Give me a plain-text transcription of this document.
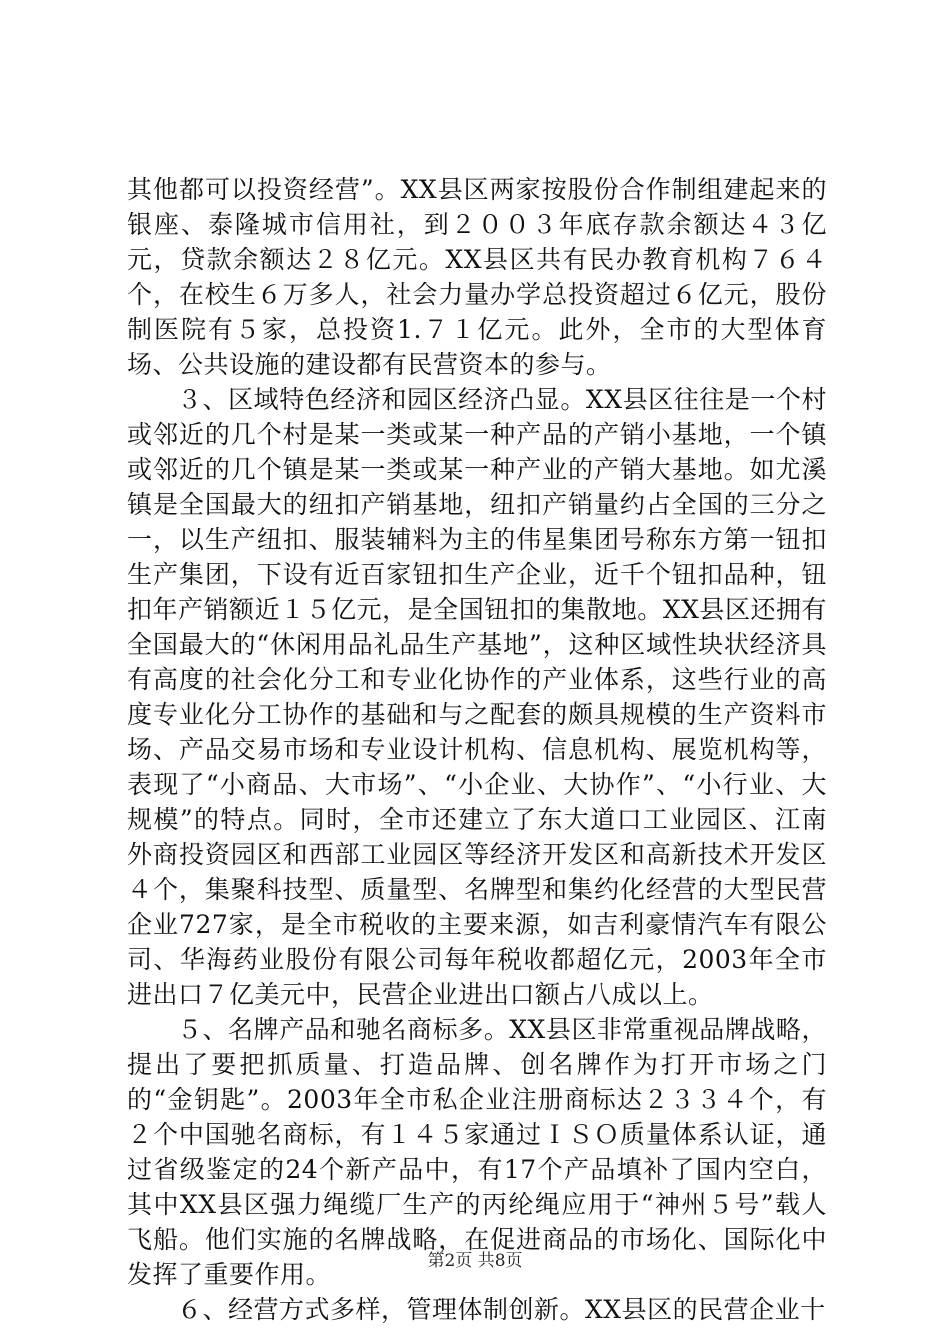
其他都可以投资经营”。XX县区两家按股份合作制组建起来的银座、泰隆城市信用社，到２００３年底存款余额达４３亿元，贷款余额达２８亿元。XX县区共有民办教育机构７６４个，在校生６万多人，社会力量办学总投资超过６亿元，股份制医院有５家，总投资1.７１亿元。此外，全市的大型体育场、公共设施的建设都有民营资本的参与。

３、区域特色经济和园区经济凸显。XX县区往往是一个村或邻近的几个村是某一类或某一种产品的产销小基地，一个镇或邻近的几个镇是某一类或某一种产业的产销大基地。如尤溪镇是全国最大的纽扣产销基地，纽扣产销量约占全国的三分之一，以生产纽扣、服装辅料为主的伟星集团号称东方第一钮扣生产集团，下设有近百家钮扣生产企业，近千个钮扣品种，钮扣年产销额近１５亿元，是全国钮扣的集散地。XX县区还拥有全国最大的“休闲用品礼品生产基地”，这种区域性块状经济具有高度的社会化分工和专业化协作的产业体系，这些行业的高度专业化分工协作的基础和与之配套的颇具规模的生产资料市场、产品交易市场和专业设计机构、信息机构、展览机构等，表现了“小商品、大市场”、“小企业、大协作”、“小行业、大规模”的特点。同时，全市还建立了东大道口工业园区、江南外商投资园区和西部工业园区等经济开发区和高新技术开发区４个，集聚科技型、质量型、名牌型和集约化经营的大型民营企业727家，是全市税收的主要来源，如吉利豪情汽车有限公司、华海药业股份有限公司每年税收都超亿元，2003年全市进出口７亿美元中，民营企业进出口额占八成以上。

５、名牌产品和驰名商标多。XX县区非常重视品牌战略，提出了要把抓质量、打造品牌、创名牌作为打开市场之门的“金钥匙”。2003年全市私企业注册商标达２３３４个，有２个中国驰名商标，有１４５家通过ＩＳＯ质量体系认证，通过省级鉴定的24个新产品中，有17个产品填补了国内空白，其中XX县区强力绳缆厂生产的丙纶绳应用于“神州５号”载人飞船。他们实施的名牌战略，在促进商品的市场化、国际化中发挥了重要作用。

６、经营方式多样，管理体制创新。XX县区的民营企业十

第2页 共8页
